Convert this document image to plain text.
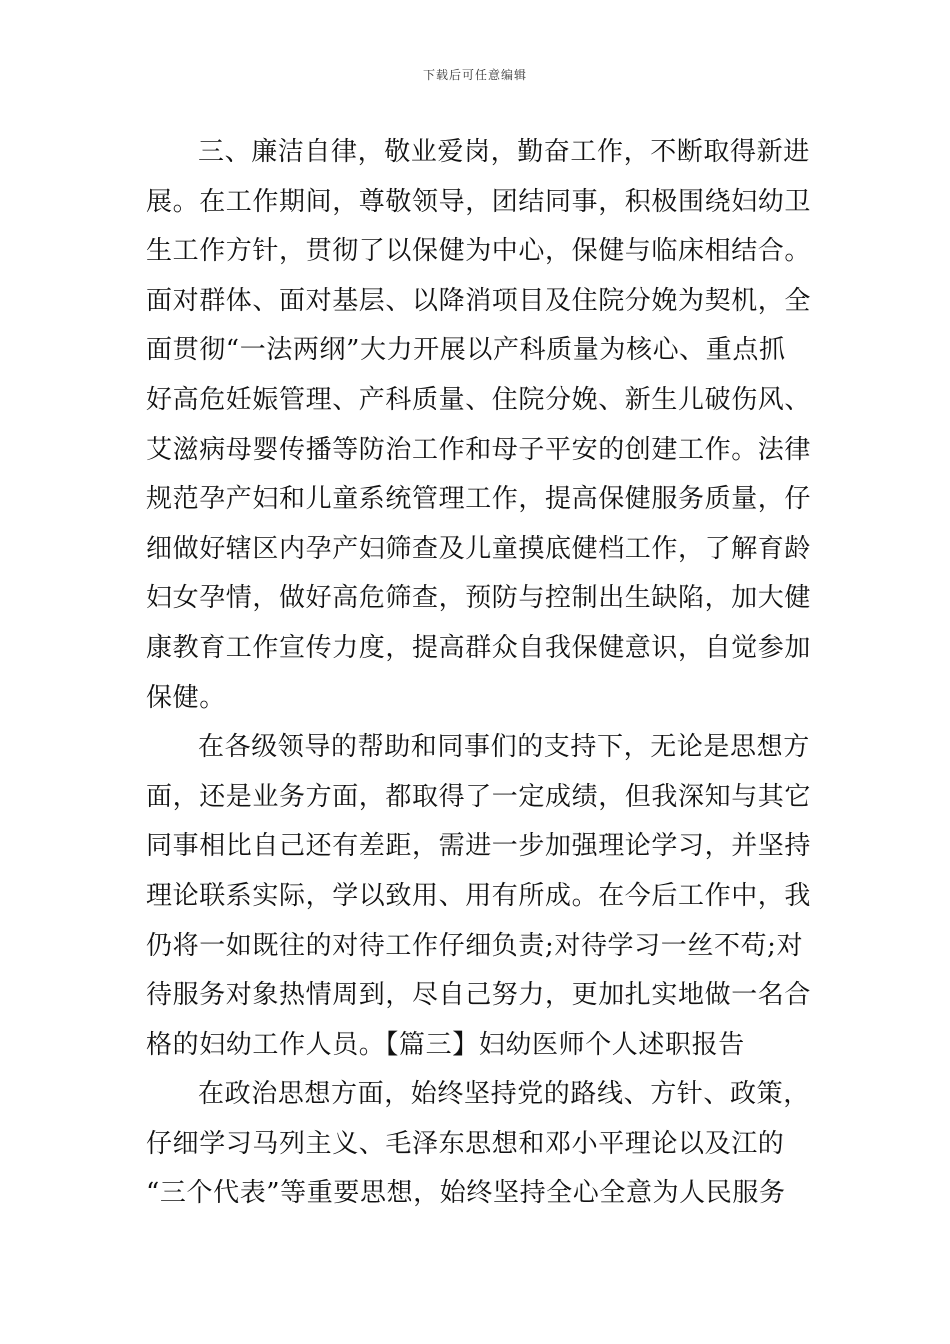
下载后可任意编辑
三、廉洁自律，敬业爱岗，勤奋工作，不断取得新进
展。在工作期间，尊敬领导，团结同事，积极围绕妇幼卫
生工作方针，贯彻了以保健为中心，保健与临床相结合。
面对群体、面对基层、以降消项目及住院分娩为契机，全
面贯彻“一法两纲”大力开展以产科质量为核心、重点抓
好高危妊娠管理、产科质量、住院分娩、新生儿破伤风、
艾滋病母婴传播等防治工作和母子平安的创建工作。法律
规范孕产妇和儿童系统管理工作，提高保健服务质量，仔
细做好辖区内孕产妇筛查及儿童摸底健档工作，了解育龄
妇女孕情，做好高危筛查，预防与控制出生缺陷，加大健
康教育工作宣传力度，提高群众自我保健意识，自觉参加
保健。
在各级领导的帮助和同事们的支持下，无论是思想方
面，还是业务方面，都取得了一定成绩，但我深知与其它
同事相比自己还有差距，需进一步加强理论学习，并坚持
理论联系实际，学以致用、用有所成。在今后工作中，我
仍将一如既往的对待工作仔细负责;对待学习一丝不苟;对
待服务对象热情周到，尽自己努力，更加扎实地做一名合
格的妇幼工作人员。【篇三】妇幼医师个人述职报告
在政治思想方面，始终坚持党的路线、方针、政策，
仔细学习马列主义、毛泽东思想和邓小平理论以及江的
“三个代表”等重要思想，始终坚持全心全意为人民服务
